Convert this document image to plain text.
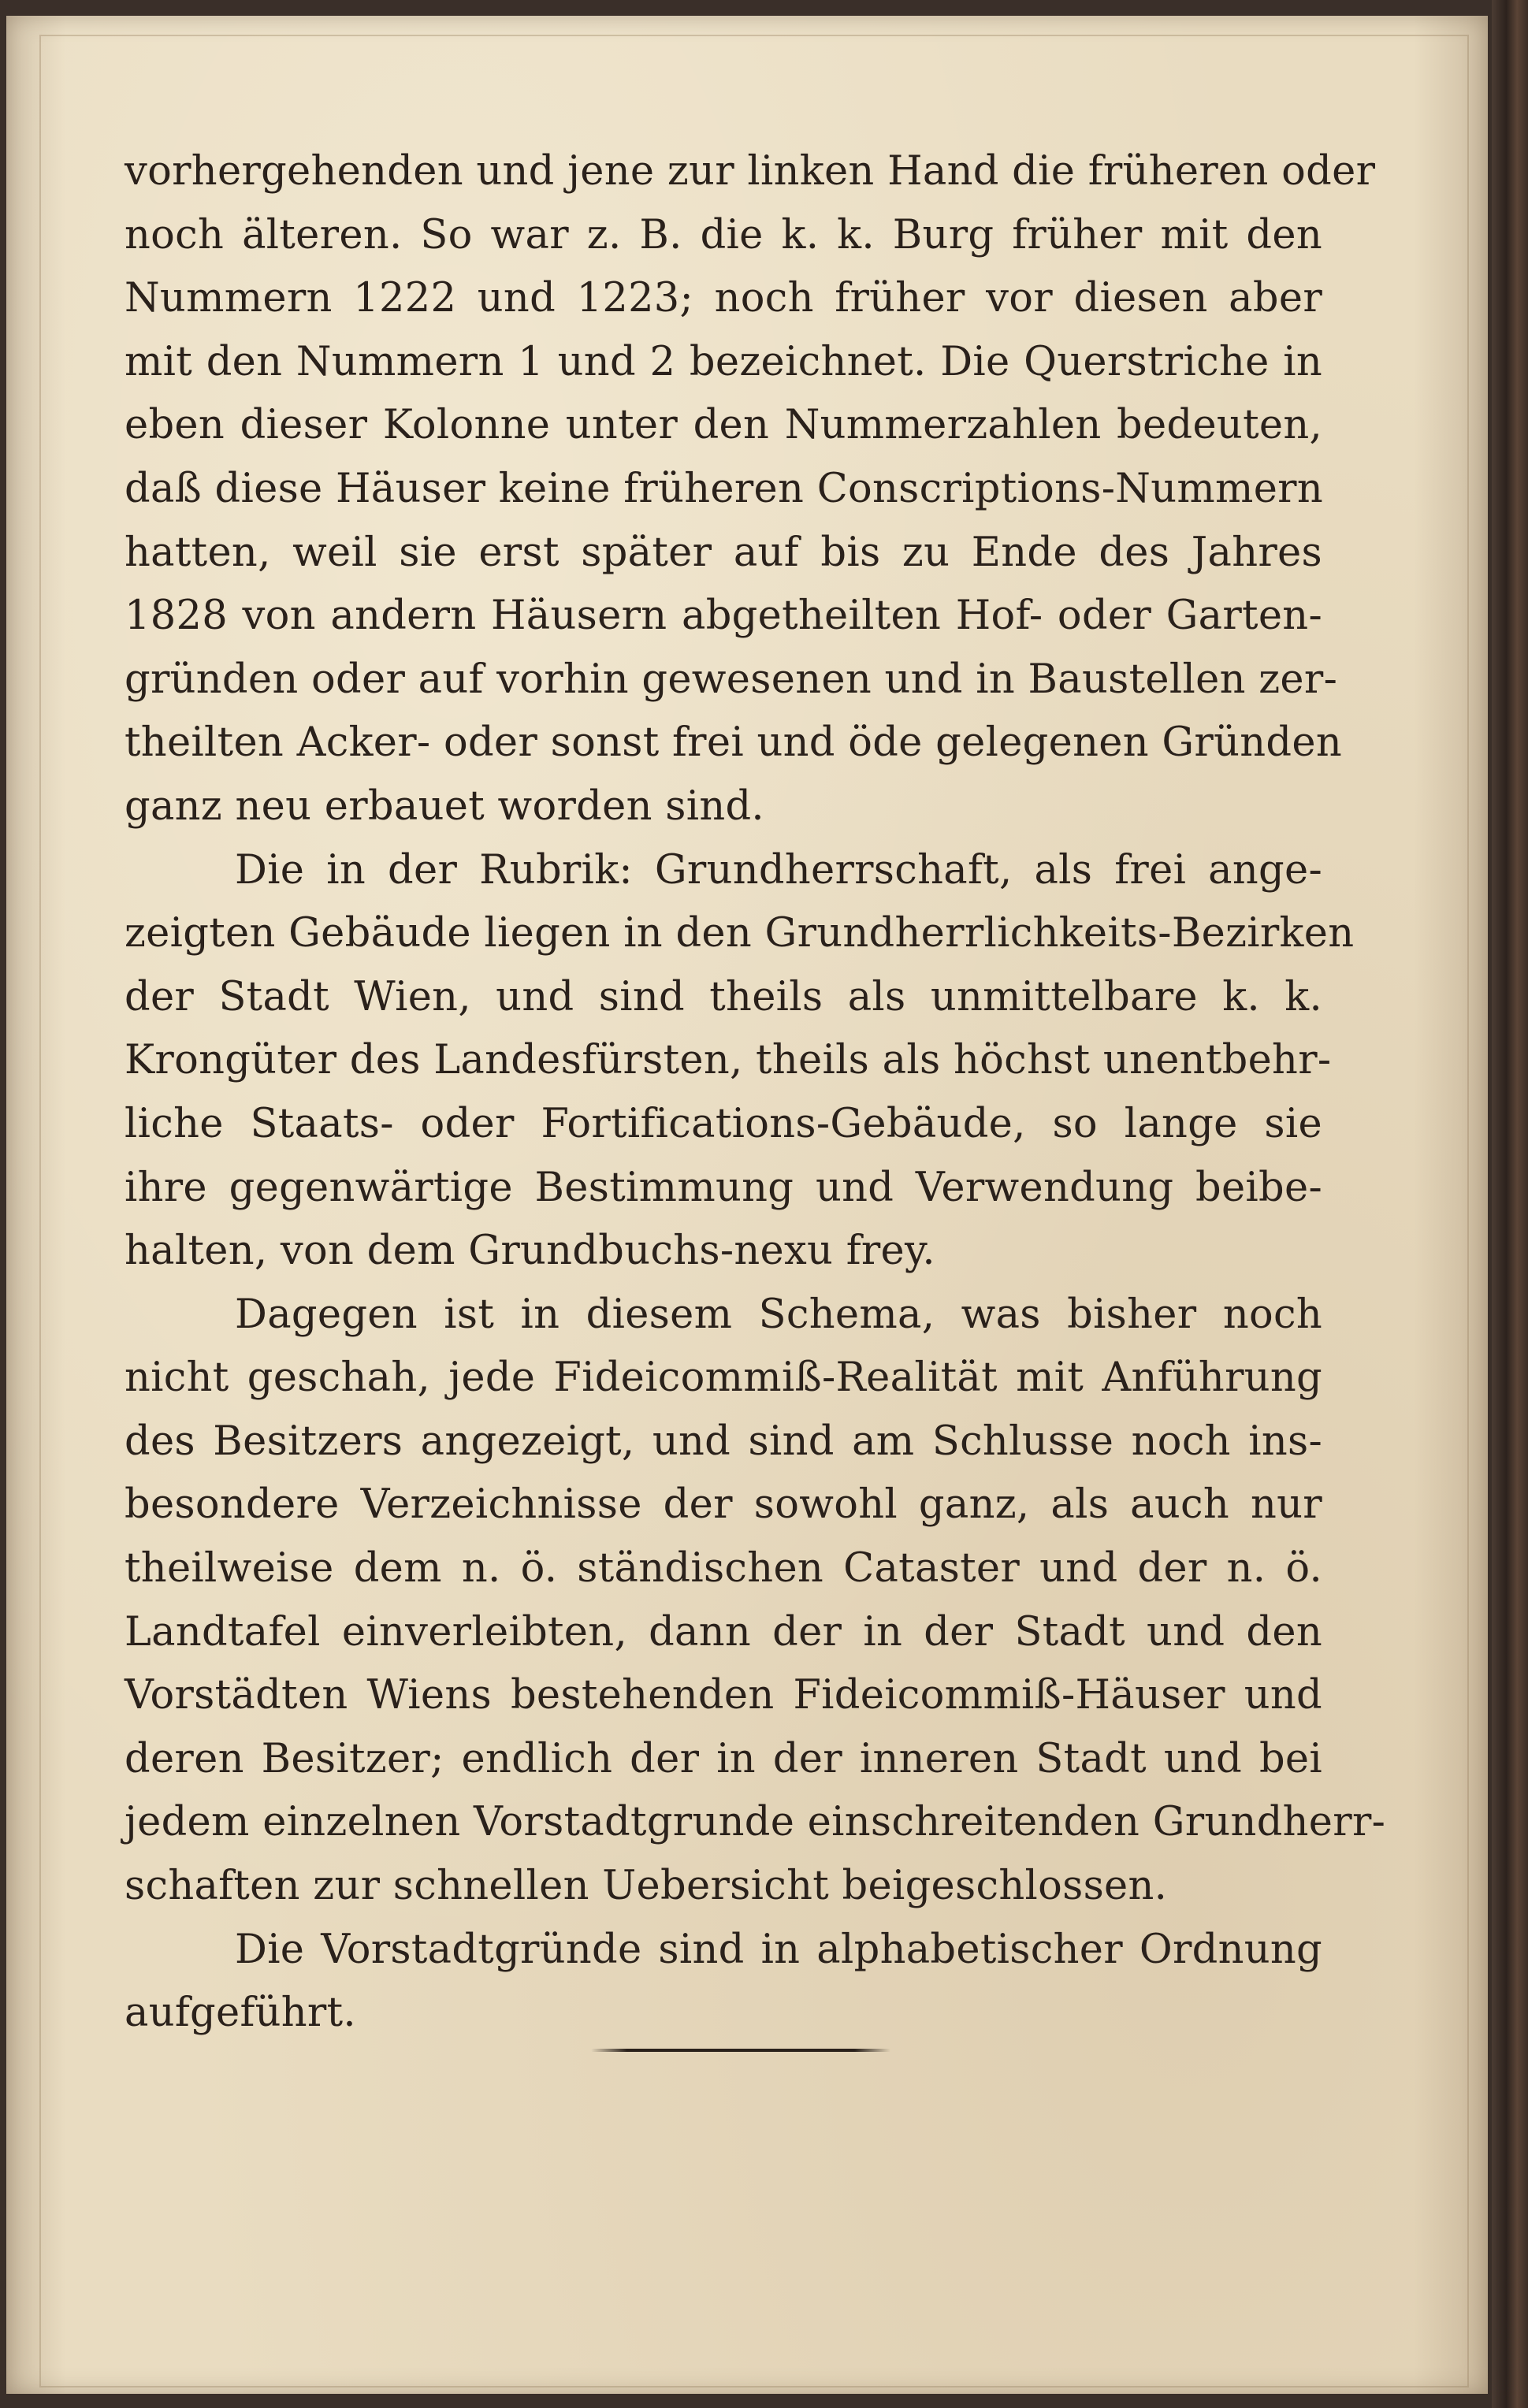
vorhergehenden und jene zur linken Hand die früheren oder
noch älteren. So war z. B. die k. k. Burg früher mit den
Nummern 1222 und 1223; noch früher vor diesen aber
mit den Nummern 1 und 2 bezeichnet. Die Querstriche in
eben dieser Kolonne unter den Nummerzahlen bedeuten,
daß diese Häuser keine früheren Conscriptions-Nummern
hatten, weil sie erst später auf bis zu Ende des Jahres
1828 von andern Häusern abgetheilten Hof- oder Garten-
gründen oder auf vorhin gewesenen und in Baustellen zer-
theilten Acker- oder sonst frei und öde gelegenen Gründen
ganz neu erbauet worden sind.
Die in der Rubrik: Grundherrschaft, als frei ange-
zeigten Gebäude liegen in den Grundherrlichkeits-Bezirken
der Stadt Wien, und sind theils als unmittelbare k. k.
Krongüter des Landesfürsten, theils als höchst unentbehr-
liche Staats- oder Fortifications-Gebäude, so lange sie
ihre gegenwärtige Bestimmung und Verwendung beibe-
halten, von dem Grundbuchs-nexu frey.
Dagegen ist in diesem Schema, was bisher noch
nicht geschah, jede Fideicommiß-Realität mit Anführung
des Besitzers angezeigt, und sind am Schlusse noch ins-
besondere Verzeichnisse der sowohl ganz, als auch nur
theilweise dem n. ö. ständischen Cataster und der n. ö.
Landtafel einverleibten, dann der in der Stadt und den
Vorstädten Wiens bestehenden Fideicommiß-Häuser und
deren Besitzer; endlich der in der inneren Stadt und bei
jedem einzelnen Vorstadtgrunde einschreitenden Grundherr-
schaften zur schnellen Uebersicht beigeschlossen.
Die Vorstadtgründe sind in alphabetischer Ordnung
aufgeführt.
